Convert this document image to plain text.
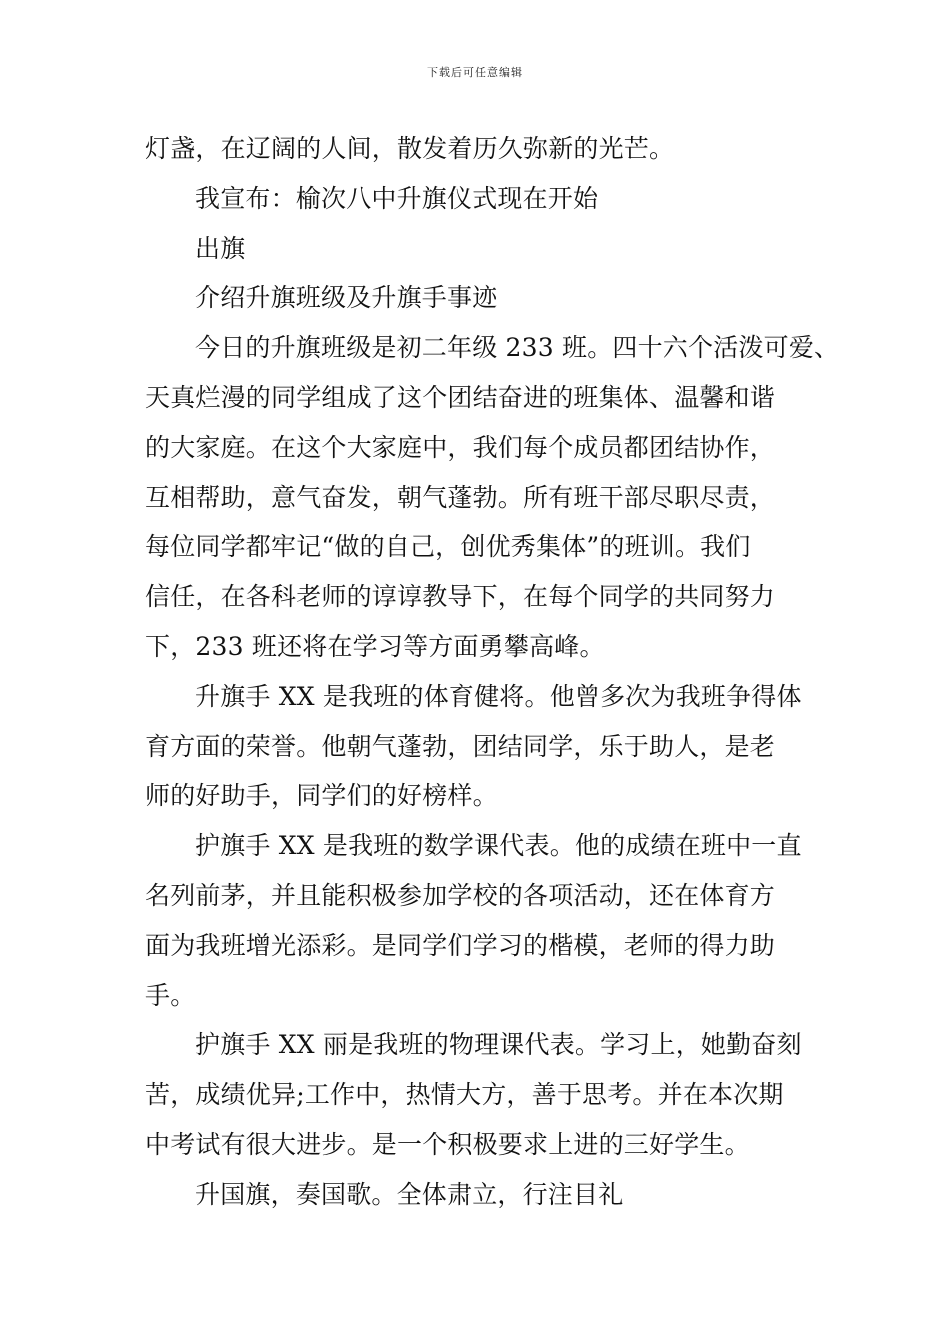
下载后可任意编辑
灯盏，在辽阔的人间，散发着历久弥新的光芒。
我宣布：榆次八中升旗仪式现在开始
出旗
介绍升旗班级及升旗手事迹
今日的升旗班级是初二年级 233 班。四十六个活泼可爱、
天真烂漫的同学组成了这个团结奋进的班集体、温馨和谐
的大家庭。在这个大家庭中，我们每个成员都团结协作，
互相帮助，意气奋发，朝气蓬勃。所有班干部尽职尽责，
每位同学都牢记“做的自己，创优秀集体”的班训。我们
信任，在各科老师的谆谆教导下，在每个同学的共同努力
下，233 班还将在学习等方面勇攀高峰。
升旗手 XX 是我班的体育健将。他曾多次为我班争得体
育方面的荣誉。他朝气蓬勃，团结同学，乐于助人，是老
师的好助手，同学们的好榜样。
护旗手 XX 是我班的数学课代表。他的成绩在班中一直
名列前茅，并且能积极参加学校的各项活动，还在体育方
面为我班增光添彩。是同学们学习的楷模，老师的得力助
手。
护旗手 XX 丽是我班的物理课代表。学习上，她勤奋刻
苦，成绩优异;工作中，热情大方，善于思考。并在本次期
中考试有很大进步。是一个积极要求上进的三好学生。
升国旗，奏国歌。全体肃立，行注目礼
